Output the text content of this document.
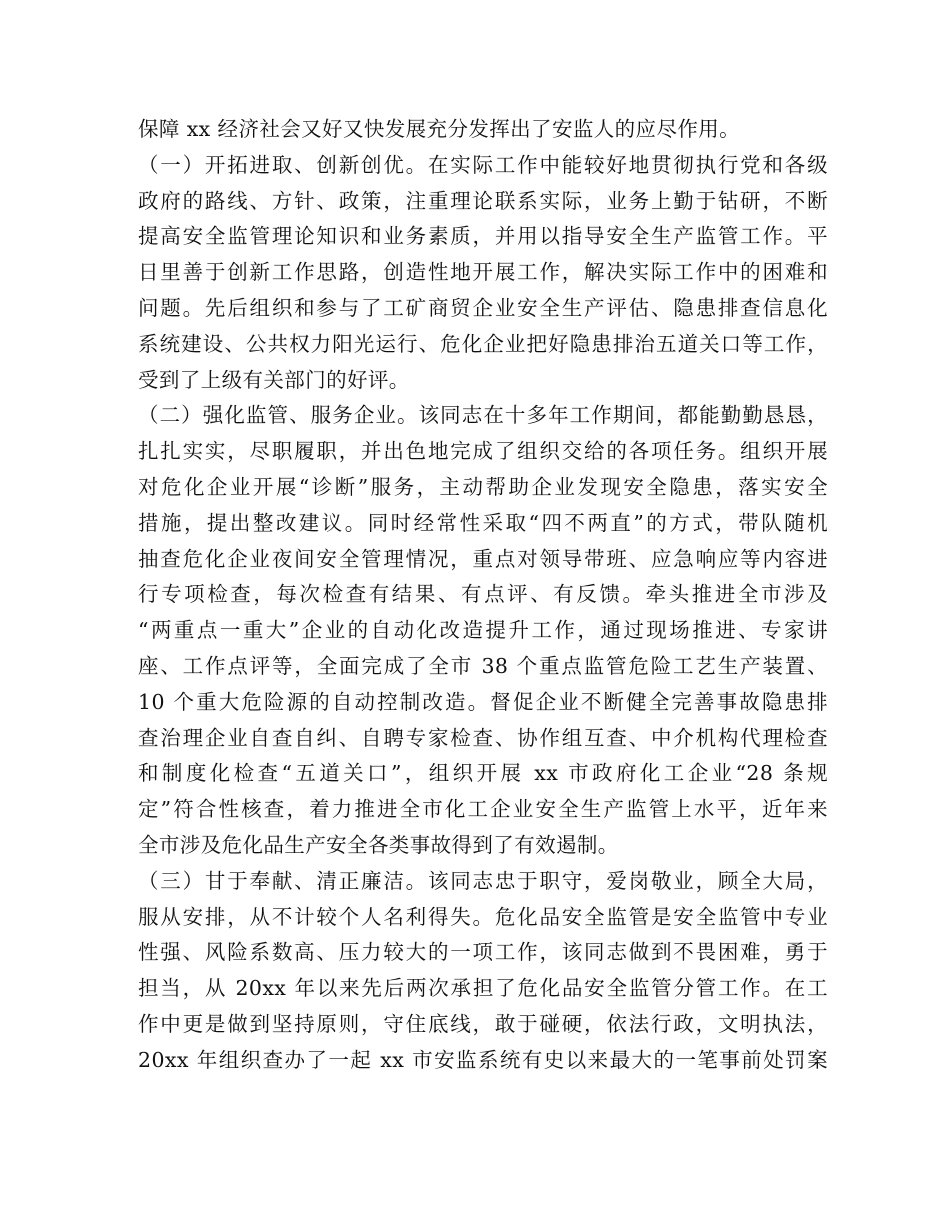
保障 xx 经济社会又好又快发展充分发挥出了安监人的应尽作用。
（一）开拓进取、创新创优。在实际工作中能较好地贯彻执行党和各级
政府的路线、方针、政策，注重理论联系实际，业务上勤于钻研，不断
提高安全监管理论知识和业务素质，并用以指导安全生产监管工作。平
日里善于创新工作思路，创造性地开展工作，解决实际工作中的困难和
问题。先后组织和参与了工矿商贸企业安全生产评估、隐患排查信息化
系统建设、公共权力阳光运行、危化企业把好隐患排治五道关口等工作，
受到了上级有关部门的好评。
（二）强化监管、服务企业。该同志在十多年工作期间，都能勤勤恳恳，
扎扎实实，尽职履职，并出色地完成了组织交给的各项任务。组织开展
对危化企业开展“诊断”服务，主动帮助企业发现安全隐患，落实安全
措施，提出整改建议。同时经常性采取“四不两直”的方式，带队随机
抽查危化企业夜间安全管理情况，重点对领导带班、应急响应等内容进
行专项检查，每次检查有结果、有点评、有反馈。牵头推进全市涉及
“两重点一重大”企业的自动化改造提升工作，通过现场推进、专家讲
座、工作点评等，全面完成了全市 38 个重点监管危险工艺生产装置、
10 个重大危险源的自动控制改造。督促企业不断健全完善事故隐患排
查治理企业自查自纠、自聘专家检查、协作组互查、中介机构代理检查
和制度化检查“五道关口”，组织开展 xx 市政府化工企业“28 条规
定”符合性核查，着力推进全市化工企业安全生产监管上水平，近年来
全市涉及危化品生产安全各类事故得到了有效遏制。
（三）甘于奉献、清正廉洁。该同志忠于职守，爱岗敬业，顾全大局，
服从安排，从不计较个人名利得失。危化品安全监管是安全监管中专业
性强、风险系数高、压力较大的一项工作，该同志做到不畏困难，勇于
担当，从 20xx 年以来先后两次承担了危化品安全监管分管工作。在工
作中更是做到坚持原则，守住底线，敢于碰硬，依法行政，文明执法，
20xx 年组织查办了一起 xx 市安监系统有史以来最大的一笔事前处罚案
